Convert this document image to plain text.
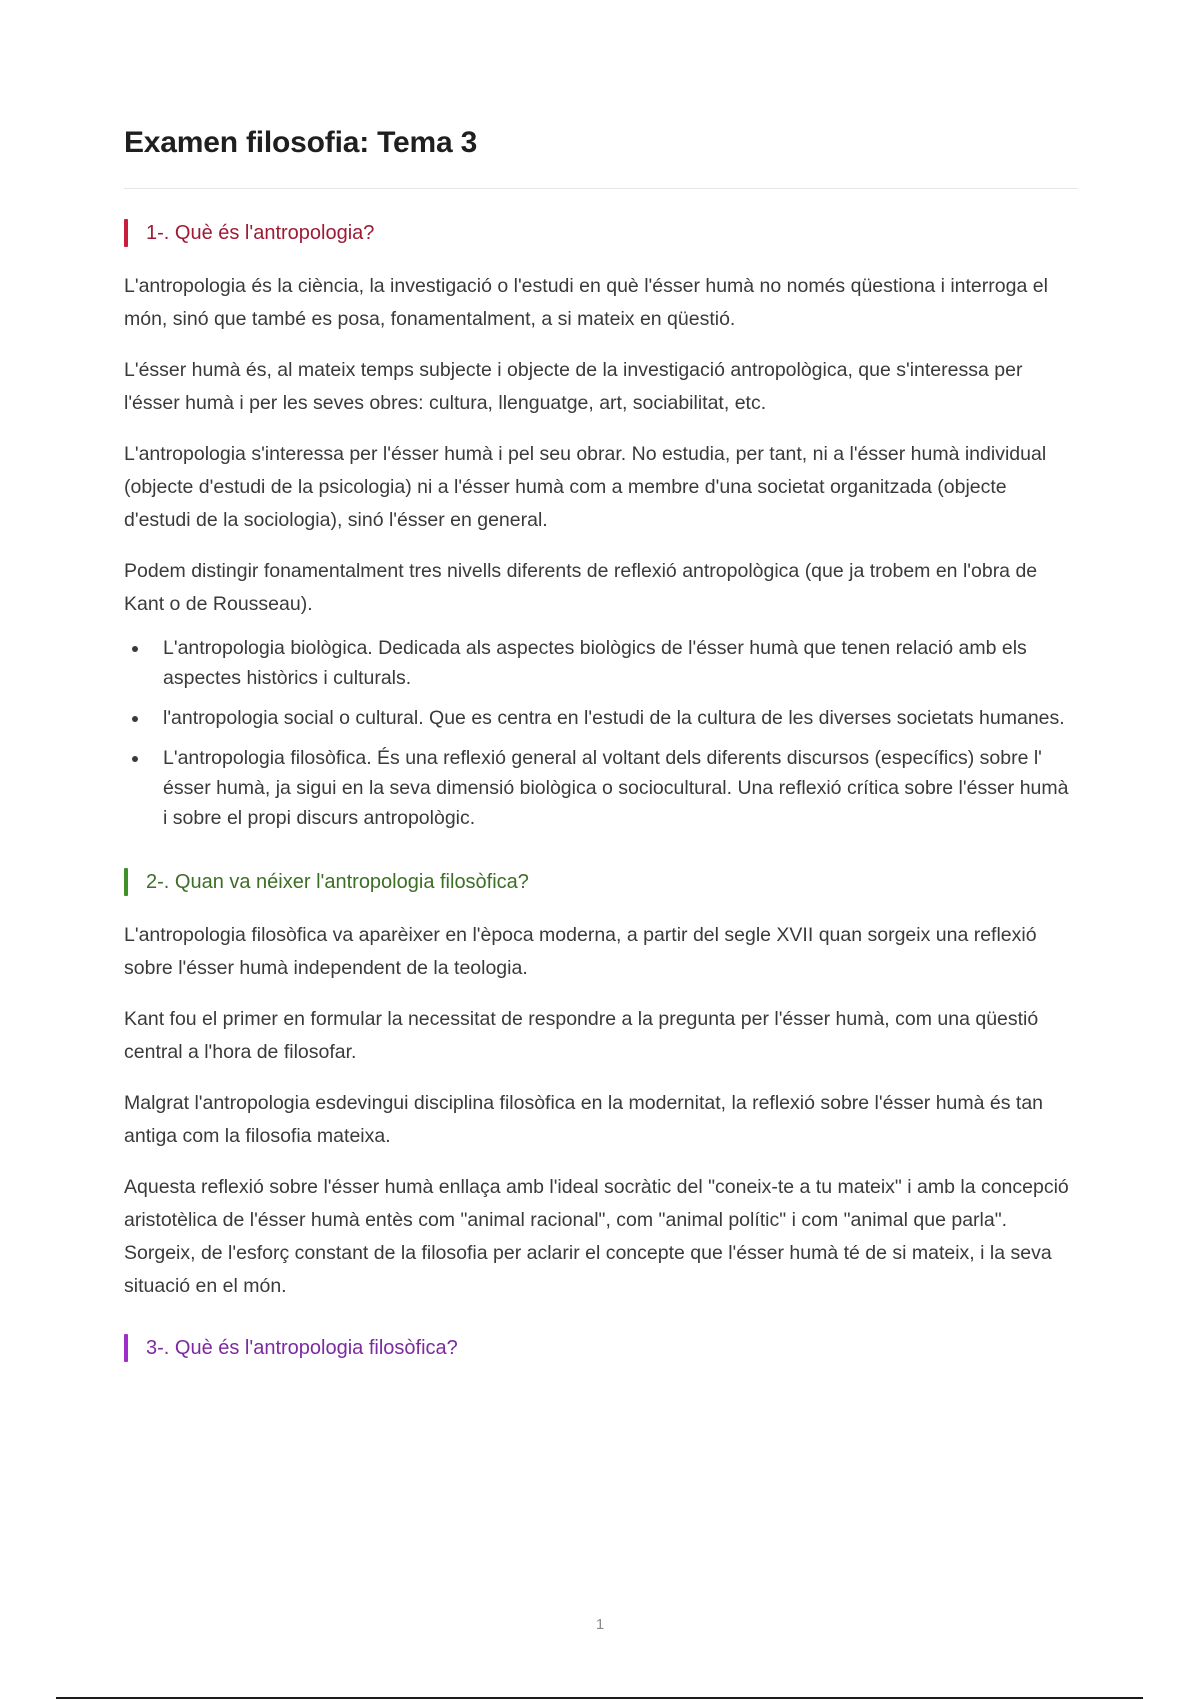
Examen filosofia: Tema 3
1-. Què és l'antropologia?

L'antropologia és la ciència, la investigació o l'estudi en què l'ésser humà no només qüestiona i interroga el món, sinó que també es posa, fonamentalment, a si mateix en qüestió.

L'ésser humà és, al mateix temps subjecte i objecte de la investigació antropològica, que s'interessa per l'ésser humà i per les seves obres: cultura, llenguatge, art, sociabilitat, etc.

L'antropologia s'interessa per l'ésser humà i pel seu obrar. No estudia, per tant, ni a l'ésser humà individual (objecte d'estudi de la psicologia) ni a l'ésser humà com a membre d'una societat organitzada (objecte d'estudi de la sociologia), sinó l'ésser en general.

Podem distingir fonamentalment tres nivells diferents de reflexió antropològica (que ja trobem en l'obra de Kant o de Rousseau).

L'antropologia biològica. Dedicada als aspectes biològics de l'ésser humà que tenen relació amb els aspectes històrics i culturals.
l'antropologia social o cultural. Que es centra en l'estudi de la cultura de les diverses societats humanes.
L'antropologia filosòfica. És una reflexió general al voltant dels diferents discursos (específics) sobre l' ésser humà, ja sigui en la seva dimensió biològica o sociocultural. Una reflexió crítica sobre l'ésser humà i sobre el propi discurs antropològic.
2-. Quan va néixer l'antropologia filosòfica?

L'antropologia filosòfica va aparèixer en l'època moderna, a partir del segle XVII quan sorgeix una reflexió sobre l'ésser humà independent de la teologia.

Kant fou el primer en formular la necessitat de respondre a la pregunta per l'ésser humà, com una qüestió central a l'hora de filosofar.

Malgrat l'antropologia esdevingui disciplina filosòfica en la modernitat, la reflexió sobre l'ésser humà és tan antiga com la filosofia mateixa.

Aquesta reflexió sobre l'ésser humà enllaça amb l'ideal socràtic del "coneix-te a tu mateix" i amb la concepció aristotèlica de l'ésser humà entès com "animal racional", com "animal polític" i com "animal que parla". Sorgeix, de l'esforç constant de la filosofia per aclarir el concepte que l'ésser humà té de si mateix, i la seva situació en el món.

3-. Què és l'antropologia filosòfica?
1
